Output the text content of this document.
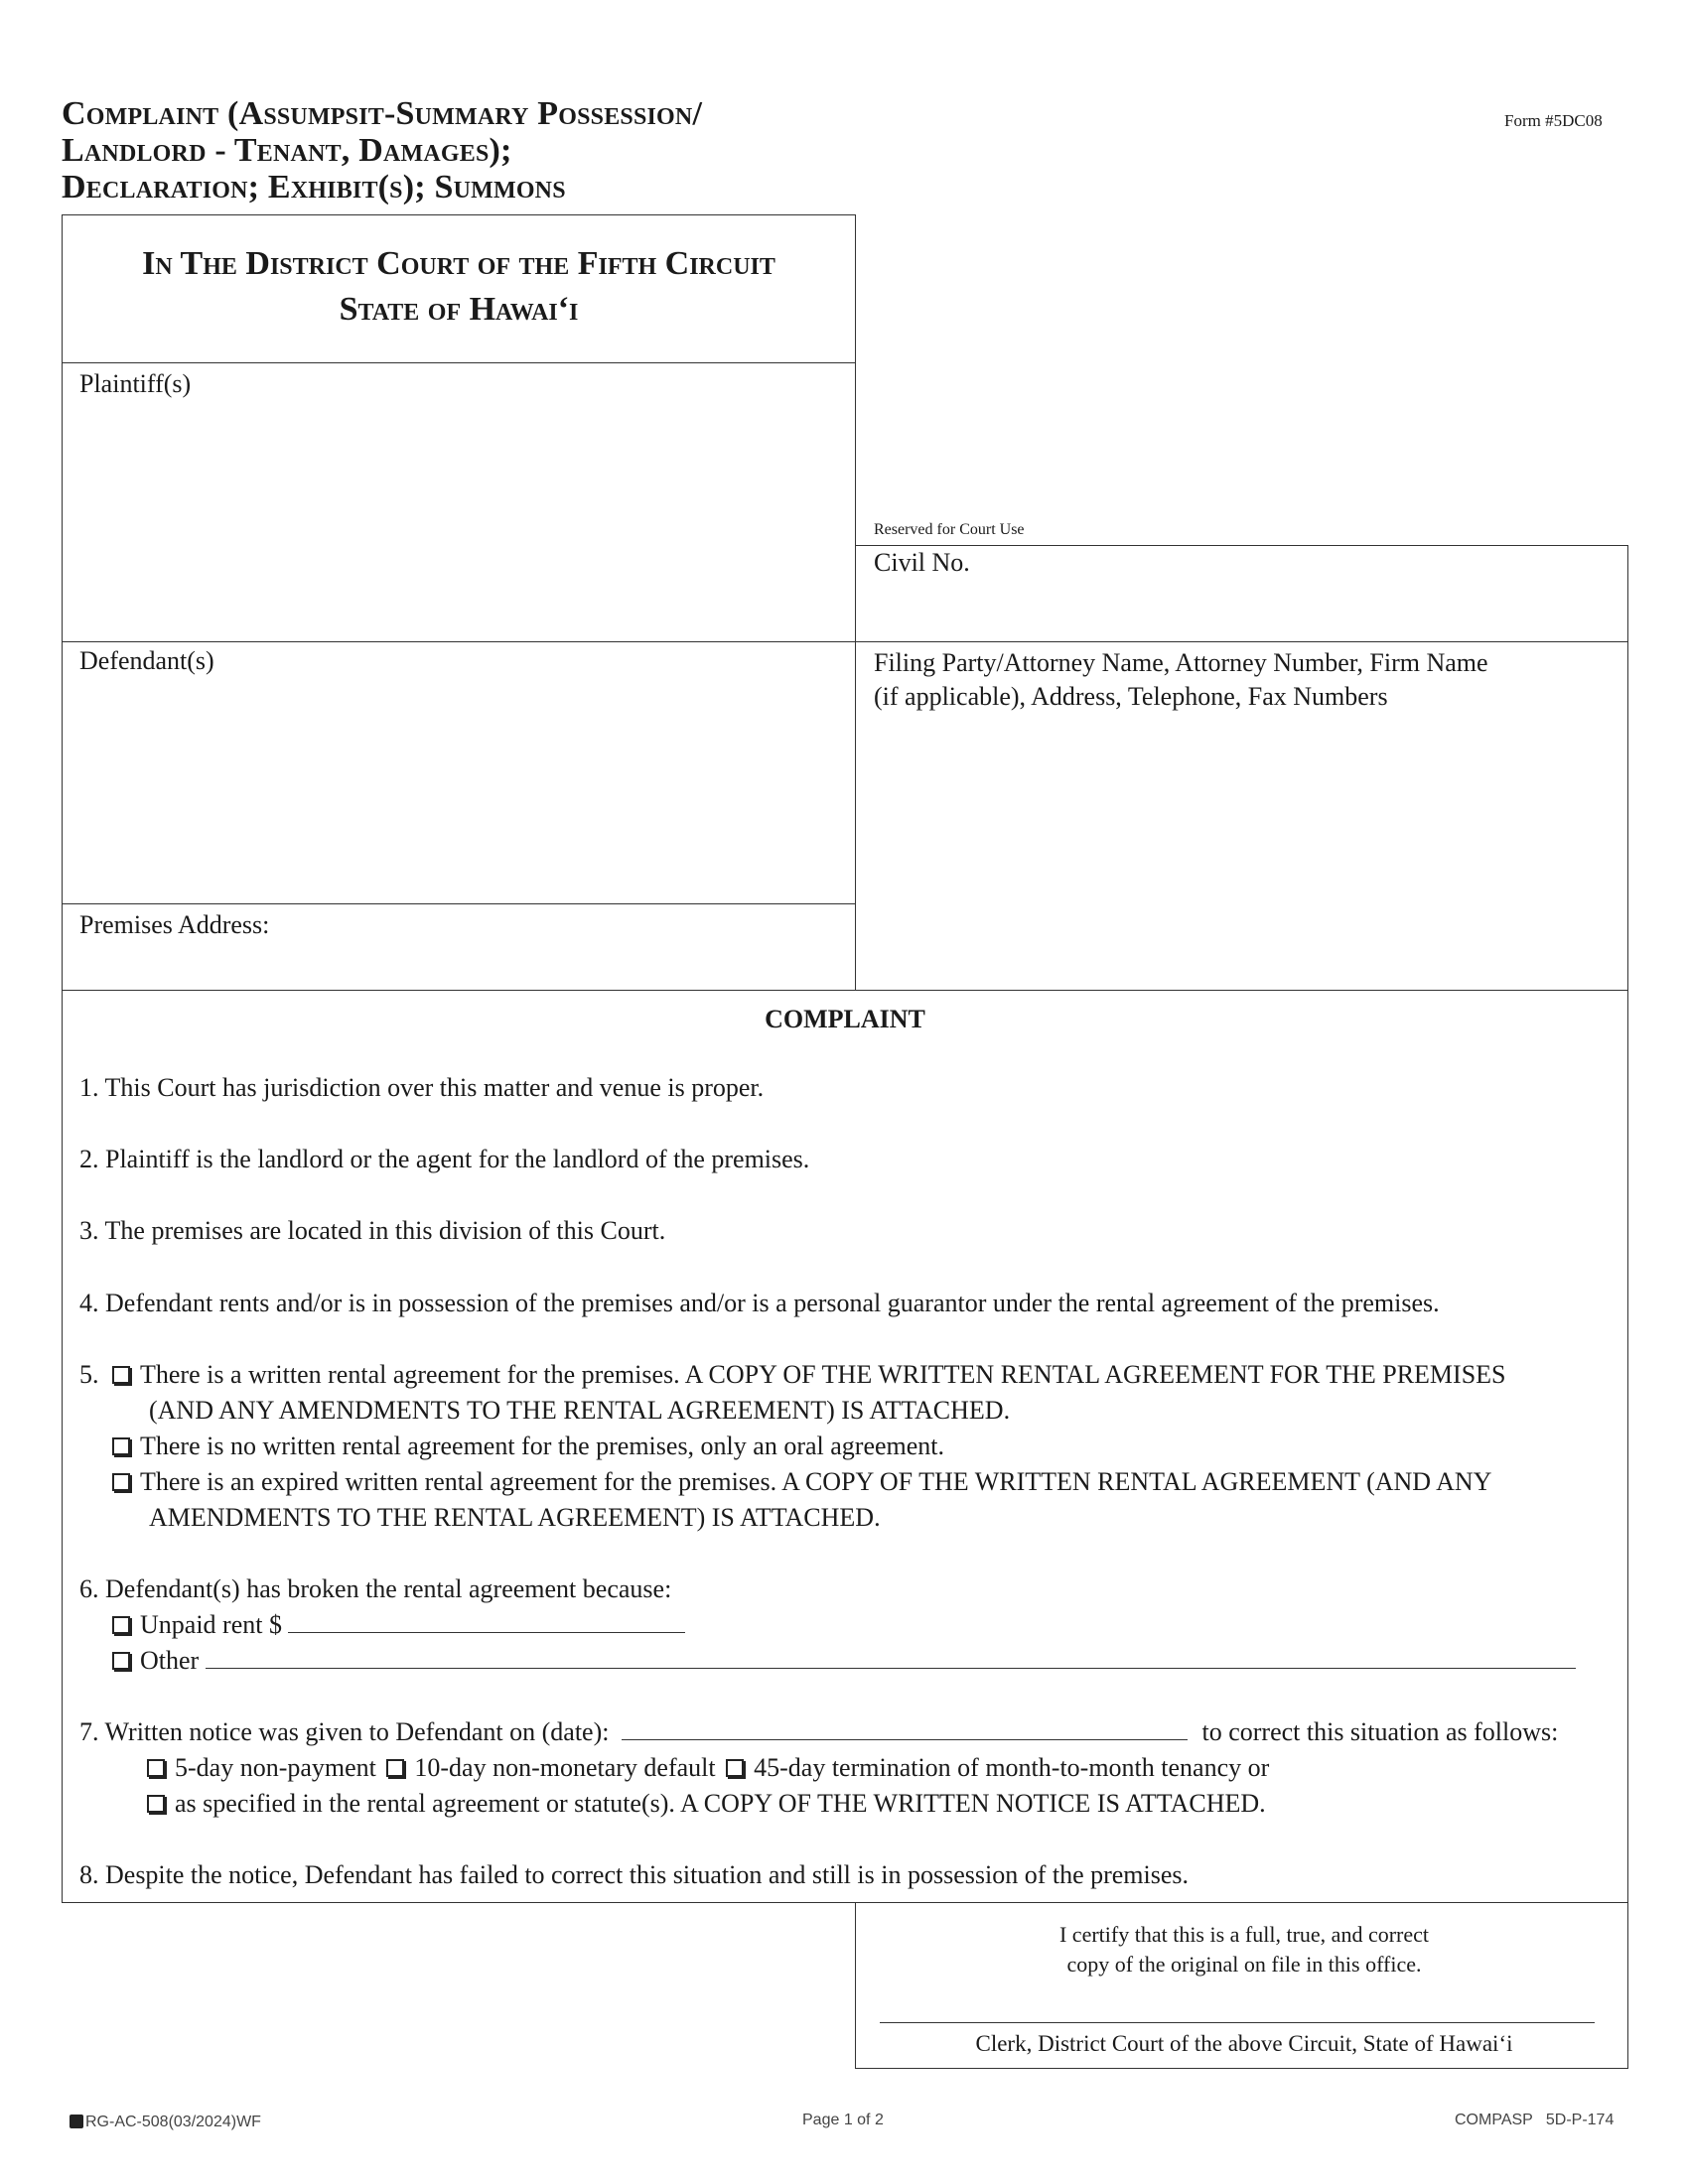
Complaint (Assumpsit-Summary Possession/
Landlord - Tenant, Damages);
Declaration; Exhibit(s); Summons
Form #5DC08
In The District Court of the Fifth Circuit
State of Hawai‘i
Plaintiff(s)
Defendant(s)
Premises Address:
Reserved for Court Use
Civil No.
Filing Party/Attorney Name, Attorney Number, Firm Name
(if applicable), Address, Telephone, Fax Numbers
COMPLAINT
1. This Court has jurisdiction over this matter and venue is proper.
2. Plaintiff is the landlord or the agent for the landlord of the premises.
3. The premises are located in this division of this Court.
4. Defendant rents and/or is in possession of the premises and/or is a personal guarantor under the rental agreement of the premises.
5.	There is a written rental agreement for the premises. A COPY OF THE WRITTEN RENTAL AGREEMENT FOR THE PREMISES
(AND ANY AMENDMENTS TO THE RENTAL AGREEMENT) IS ATTACHED.
There is no written rental agreement for the premises, only an oral agreement.
There is an expired written rental agreement for the premises. A COPY OF THE WRITTEN RENTAL AGREEMENT (AND ANY
AMENDMENTS TO THE RENTAL AGREEMENT) IS ATTACHED.
6. Defendant(s) has broken the rental agreement because:
Unpaid rent $
Other
7. Written notice was given to Defendant on (date):	to correct this situation as follows:
5-day non-payment 10-day non-monetary default 45-day termination of month-to-month tenancy or
as specified in the rental agreement or statute(s). A COPY OF THE WRITTEN NOTICE IS ATTACHED.
8. Despite the notice, Defendant has failed to correct this situation and still is in possession of the premises.
I certify that this is a full, true, and correct
copy of the original on file in this office.
Clerk, District Court of the above Circuit, State of Hawai‘i
RG-AC-508(03/2024)WF	Page 1 of 2	COMPASP   5D-P-174
